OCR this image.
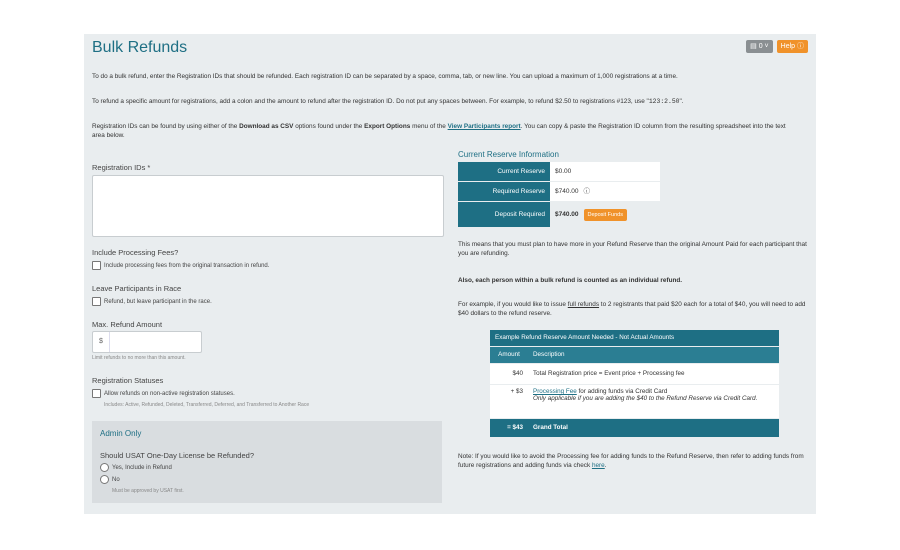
Bulk Refunds	▤ 0 ˅	Help ⓘ
To do a bulk refund, enter the Registration IDs that should be refunded. Each registration ID can be separated by a space, comma, tab, or new line. You can upload a maximum of 1,000 registrations at a time.
To refund a specific amount for registrations, add a colon and the amount to refund after the registration ID. Do not put any spaces between. For example, to refund $2.50 to registrations #123, use "123:2.50".
Registration IDs can be found by using either of the Download as CSV options found under the Export Options menu of the View Participants report. You can copy & paste the Registration ID column from the resulting spreadsheet into the text area below.
Registration IDs *
Include Processing Fees?
Include processing fees from the original transaction in refund.
Leave Participants in Race
Refund, but leave participant in the race.
Max. Refund Amount
$
Limit refunds to no more than this amount.
Registration Statuses
Allow refunds on non-active registration statuses.
Includes: Active, Refunded, Deleted, Transferred, Deferred, and Transferred to Another Race
Admin Only
Should USAT One-Day License be Refunded?
Yes, Include in Refund
No
Must be approved by USAT first.
Current Reserve Information
Current Reserve	$0.00
Required Reserve	$740.00 ⓘ
Deposit Required	$740.00	Deposit Funds
This means that you must plan to have more in your Refund Reserve than the original Amount Paid for each participant that you are refunding.
Also, each person within a bulk refund is counted as an individual refund.
For example, if you would like to issue full refunds to 2 registrants that paid $20 each for a total of $40, you will need to add $40 dollars to the refund reserve.
Example Refund Reserve Amount Needed - Not Actual Amounts
Amount	Description
$40	Total Registration price = Event price + Processing fee
+ $3	Processing Fee for adding funds via Credit Card
Only applicable if you are adding the $40 to the Refund Reserve via Credit Card.
= $43	Grand Total
Note: If you would like to avoid the Processing fee for adding funds to the Refund Reserve, then refer to adding funds from future registrations and adding funds via check here.
